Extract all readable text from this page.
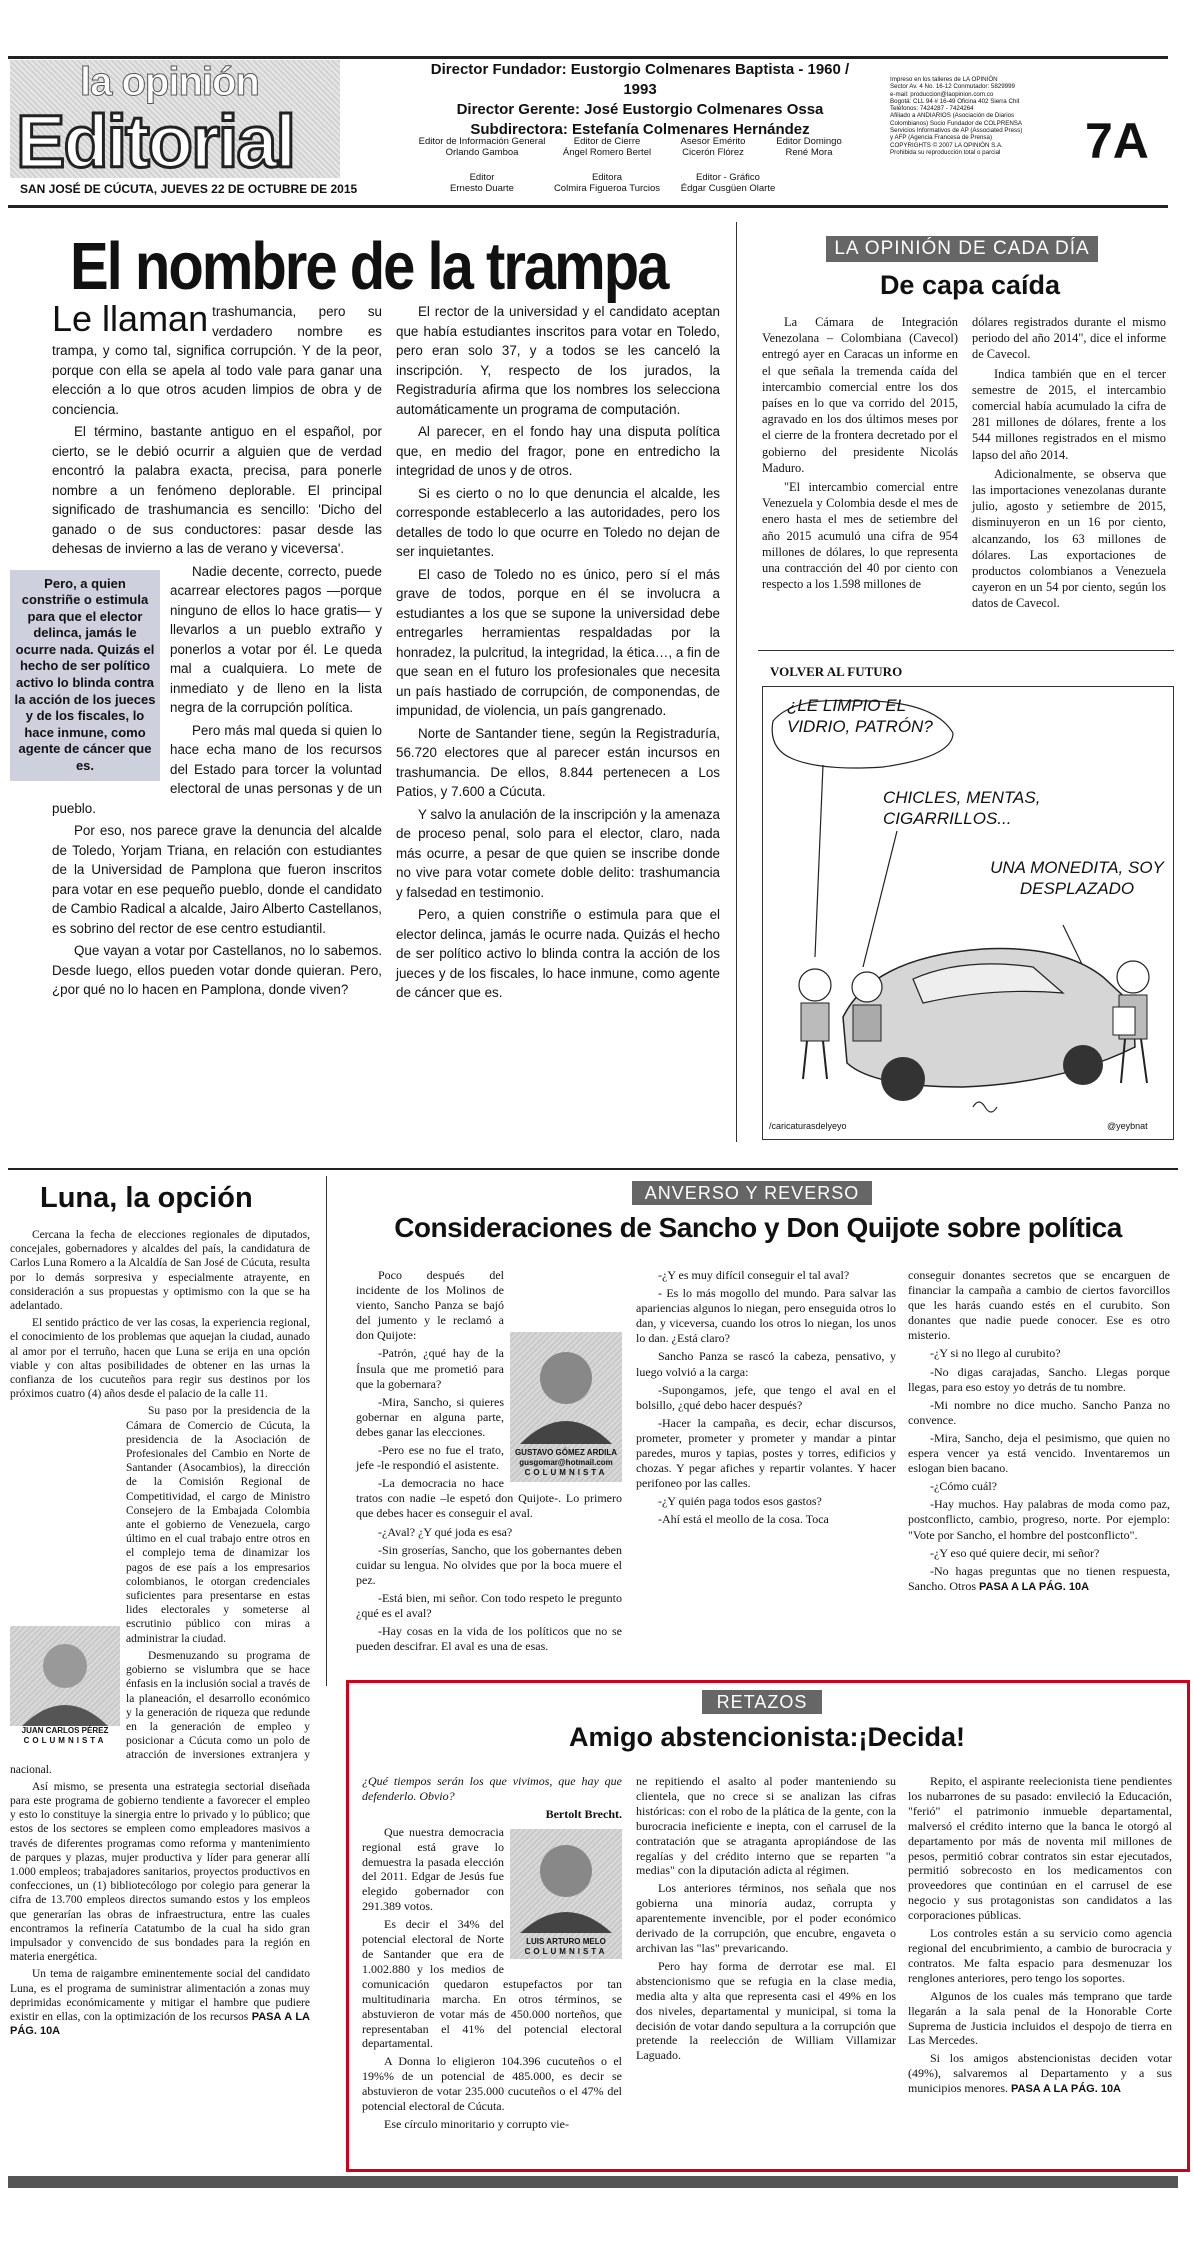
la opinión
Editorial
SAN JOSÉ DE CÚCUTA, JUEVES 22 DE OCTUBRE DE 2015
Director Fundador: Eustorgio Colmenares Baptista - 1960 / 1993
Director Gerente: José Eustorgio Colmenares Ossa
Subdirectora: Estefanía Colmenares Hernández
Editor de Información General
Orlando Gamboa
Editor de Cierre
Ángel Romero Bertel
Asesor Emérito
Cicerón Flórez
Editor Domingo
René Mora
Editor
Ernesto Duarte
Editora
Colmira Figueroa Turcios
Editor - Gráfico
Édgar Cusgüen Olarte
Impreso en los talleres de LA OPINIÓN
Sector Av. 4 No. 16-12 Conmutador: 5829999
e-mail: produccion@laopinion.com.co
Bogotá: CLL 94 # 16-49 Oficina 402 Sierra Chit
Teléfonos: 7424287 - 7424264
Afiliado a ANDIARIOS (Asociación de Diarios
Colombianos) Socio Fundador de COLPRENSA
Servicios Informativos de AP (Associated Press)
y AFP (Agencia Francesa de Prensa)
COPYRIGHTS © 2007 LA OPINIÓN S.A.
Prohibida su reproducción total o parcial	7A
El nombre de la trampa

Le llaman trashumancia, pero su verdadero nombre es trampa, y como tal, significa corrupción. Y de la peor, porque con ella se apela al todo vale para ganar una elección a lo que otros acuden limpios de obra y de conciencia.

El término, bastante antiguo en el español, por cierto, se le debió ocurrir a alguien que de verdad encontró la palabra exacta, precisa, para ponerle nombre a un fenómeno deplorable. El principal significado de trashumancia es sencillo: 'Dicho del ganado o de sus conductores: pasar desde las dehesas de invierno a las de verano y viceversa'.

Pero, a quien constriñe o estimula para que el elector delinca, jamás le ocurre nada. Quizás el hecho de ser político activo lo blinda contra la acción de los jueces y de los fiscales, lo hace inmune, como agente de cáncer que es.

Nadie decente, correcto, puede acarrear electores pagos —porque ninguno de ellos lo hace gratis— y llevarlos a un pueblo extraño y ponerlos a votar por él. Le queda mal a cualquiera. Lo mete de inmediato y de lleno en la lista negra de la corrupción política.

Pero más mal queda si quien lo hace echa mano de los recursos del Estado para torcer la voluntad electoral de unas personas y de un pueblo.

Por eso, nos parece grave la denuncia del alcalde de Toledo, Yorjam Triana, en relación con estudiantes de la Universidad de Pamplona que fueron inscritos para votar en ese pequeño pueblo, donde el candidato de Cambio Radical a alcalde, Jairo Alberto Castellanos, es sobrino del rector de ese centro estudiantil.

Que vayan a votar por Castellanos, no lo sabemos. Desde luego, ellos pueden votar donde quieran. Pero, ¿por qué no lo hacen en Pamplona, donde viven?

El rector de la universidad y el candidato aceptan que había estudiantes inscritos para votar en Toledo, pero eran solo 37, y a todos se les canceló la inscripción. Y, respecto de los jurados, la Registraduría afirma que los nombres los selecciona automáticamente un programa de computación.

Al parecer, en el fondo hay una disputa política que, en medio del fragor, pone en entredicho la integridad de unos y de otros.

Si es cierto o no lo que denuncia el alcalde, les corresponde establecerlo a las autoridades, pero los detalles de todo lo que ocurre en Toledo no dejan de ser inquietantes.

El caso de Toledo no es único, pero sí el más grave de todos, porque en él se involucra a estudiantes a los que se supone la universidad debe entregarles herramientas respaldadas por la honradez, la pulcritud, la integridad, la ética…, a fin de que sean en el futuro los profesionales que necesita un país hastiado de corrupción, de componendas, de impunidad, de violencia, un país gangrenado.

Norte de Santander tiene, según la Registraduría, 56.720 electores que al parecer están incursos en trashumancia. De ellos, 8.844 pertenecen a Los Patios, y 7.600 a Cúcuta.

Y salvo la anulación de la inscripción y la amenaza de proceso penal, solo para el elector, claro, nada más ocurre, a pesar de que quien se inscribe donde no vive para votar comete doble delito: trashumancia y falsedad en testimonio.

Pero, a quien constriñe o estimula para que el elector delinca, jamás le ocurre nada. Quizás el hecho de ser político activo lo blinda contra la acción de los jueces y de los fiscales, lo hace inmune, como agente de cáncer que es.

LA OPINIÓN DE CADA DÍA
De capa caída

La Cámara de Integración Venezolana – Colombiana (Cavecol) entregó ayer en Caracas un informe en el que señala la tremenda caída del intercambio comercial entre los dos países en lo que va corrido del 2015, agravado en los dos últimos meses por el cierre de la frontera decretado por el gobierno del presidente Nicolás Maduro.

"El intercambio comercial entre Venezuela y Colombia desde el mes de enero hasta el mes de setiembre del año 2015 acumuló una cifra de 954 millones de dólares, lo que representa una contracción del 40 por ciento con respecto a los 1.598 millones de

dólares registrados durante el mismo periodo del año 2014", dice el informe de Cavecol.

Indica también que en el tercer semestre de 2015, el intercambio comercial había acumulado la cifra de 281 millones de dólares, frente a los 544 millones registrados en el mismo lapso del año 2014.

Adicionalmente, se observa que las importaciones venezolanas durante julio, agosto y setiembre de 2015, disminuyeron en un 16 por ciento, alcanzando, los 63 millones de dólares. Las exportaciones de productos colombianos a Venezuela cayeron en un 54 por ciento, según los datos de Cavecol.

VOLVER AL FUTURO
¿LE LIMPIO EL VIDRIO, PATRÓN?
CHICLES, MENTAS, CIGARRILLOS...
UNA MONEDITA, SOY DESPLAZADO
/caricaturasdelyeyo	@yeybnat
Luna, la opción

Cercana la fecha de elecciones regionales de diputados, concejales, gobernadores y alcaldes del país, la candidatura de Carlos Luna Romero a la Alcaldía de San José de Cúcuta, resulta por lo demás sorpresiva y especialmente atrayente, en consideración a sus propuestas y optimismo con la que se ha adelantado.

El sentido práctico de ver las cosas, la experiencia regional, el conocimiento de los problemas que aquejan la ciudad, aunado al amor por el terruño, hacen que Luna se erija en una opción viable y con altas posibilidades de obtener en las urnas la confianza de los cucuteños para regir sus destinos por los próximos cuatro (4) años desde el palacio de la calle 11.

JUAN CARLOS PÉREZ
COLUMNISTA

Su paso por la presidencia de la Cámara de Comercio de Cúcuta, la presidencia de la Asociación de Profesionales del Cambio en Norte de Santander (Asocambios), la dirección de la Comisión Regional de Competitividad, el cargo de Ministro Consejero de la Embajada Colombia ante el gobierno de Venezuela, cargo último en el cual trabajo entre otros en el complejo tema de dinamizar los pagos de ese país a los empresarios colombianos, le otorgan credenciales suficientes para presentarse en estas lides electorales y someterse al escrutinio público con miras a administrar la ciudad.

Desmenuzando su programa de gobierno se vislumbra que se hace énfasis en la inclusión social a través de la planeación, el desarrollo económico y la generación de riqueza que redunde en la generación de empleo y posicionar a Cúcuta como un polo de atracción de inversiones extranjera y nacional.

Así mismo, se presenta una estrategia sectorial diseñada para este programa de gobierno tendiente a favorecer el empleo y esto lo constituye la sinergia entre lo privado y lo público; que estos de los sectores se empleen como empleadores masivos a través de diferentes programas como reforma y mantenimiento de parques y plazas, mujer productiva y líder para generar allí 1.000 empleos; trabajadores sanitarios, proyectos productivos en confecciones, un (1) bibliotecólogo por colegio para generar la cifra de 13.700 empleos directos sumando estos y los empleos que generarían las obras de infraestructura, entre las cuales encontramos la refinería Catatumbo de la cual ha sido gran impulsador y convencido de sus bondades para la región en materia energética.

Un tema de raigambre eminentemente social del candidato Luna, es el programa de suministrar alimentación a zonas muy deprimidas económicamente y mitigar el hambre que pudiere existir en ellas, con la optimización de los recursos PASA A LA PÁG. 10A

ANVERSO Y REVERSO
Consideraciones de Sancho y Don Quijote sobre política
GUSTAVO GÓMEZ ARDILA
gusgomar@hotmail.com
COLUMNISTA

Poco después del incidente de los Molinos de viento, Sancho Panza se bajó del jumento y le reclamó a don Quijote:

-Patrón, ¿qué hay de la Ínsula que me prometió para que la gobernara?

-Mira, Sancho, si quieres gobernar en alguna parte, debes ganar las elecciones.

-Pero ese no fue el trato, jefe -le respondió el asistente.

-La democracia no hace tratos con nadie –le espetó don Quijote-. Lo primero que debes hacer es conseguir el aval.

-¿Aval? ¿Y qué joda es esa?

-Sin groserías, Sancho, que los gobernantes deben cuidar su lengua. No olvides que por la boca muere el pez.

-Está bien, mi señor. Con todo respeto le pregunto ¿qué es el aval?

-Hay cosas en la vida de los políticos que no se pueden descifrar. El aval es una de esas.

-¿Y es muy difícil conseguir el tal aval?

- Es lo más mogollo del mundo. Para salvar las apariencias algunos lo niegan, pero enseguida otros lo dan, y viceversa, cuando los otros lo niegan, los unos lo dan. ¿Está claro?

Sancho Panza se rascó la cabeza, pensativo, y luego volvió a la carga:

-Supongamos, jefe, que tengo el aval en el bolsillo, ¿qué debo hacer después?

-Hacer la campaña, es decir, echar discursos, prometer, prometer y prometer y mandar a pintar paredes, muros y tapias, postes y torres, edificios y chozas. Y pegar afiches y repartir volantes. Y hacer perifoneo por las calles.

-¿Y quién paga todos esos gastos?

-Ahí está el meollo de la cosa. Toca

conseguir donantes secretos que se encarguen de financiar la campaña a cambio de ciertos favorcillos que les harás cuando estés en el curubito. Son donantes que nadie puede conocer. Ese es otro misterio.

-¿Y si no llego al curubito?

-No digas carajadas, Sancho. Llegas porque llegas, para eso estoy yo detrás de tu nombre.

-Mi nombre no dice mucho. Sancho Panza no convence.

-Mira, Sancho, deja el pesimismo, que quien no espera vencer ya está vencido. Inventaremos un eslogan bien bacano.

-¿Cómo cuál?

-Hay muchos. Hay palabras de moda como paz, postconflicto, cambio, progreso, norte. Por ejemplo: "Vote por Sancho, el hombre del postconflicto".

-¿Y eso qué quiere decir, mi señor?

-No hagas preguntas que no tienen respuesta, Sancho. Otros PASA A LA PÁG. 10A

RETAZOS
Amigo abstencionista:¡Decida!

¿Qué tiempos serán los que vivimos, que hay que defenderlo. Obvio?

Bertolt Brecht.

LUIS ARTURO MELO
COLUMNISTA

Que nuestra democracia regional está grave lo demuestra la pasada elección del 2011. Edgar de Jesús fue elegido gobernador con 291.389 votos.

Es decir el 34% del potencial electoral de Norte de Santander que era de 1.002.880 y los medios de comunicación quedaron estupefactos por tan multitudinaria marcha. En otros términos, se abstuvieron de votar más de 450.000 norteños, que representaban el 41% del potencial electoral departamental.

A Donna lo eligieron 104.396 cucuteños o el 19%% de un potencial de 485.000, es decir se abstuvieron de votar 235.000 cucuteños o el 47% del potencial electoral de Cúcuta.

Ese círculo minoritario y corrupto vie-

ne repitiendo el asalto al poder manteniendo su clientela, que no crece si se analizan las cifras históricas: con el robo de la plática de la gente, con la burocracia ineficiente e inepta, con el carrusel de la contratación que se atraganta apropiándose de las regalías y del crédito interno que se reparten "a medias" con la diputación adicta al régimen.

Los anteriores términos, nos señala que nos gobierna una minoría audaz, corrupta y aparentemente invencible, por el poder económico derivado de la corrupción, que encubre, engaveta o archivan las "las" prevaricando.

Pero hay forma de derrotar ese mal. El abstencionismo que se refugia en la clase media, media alta y alta que representa casi el 49% en los dos niveles, departamental y municipal, si toma la decisión de votar dando sepultura a la corrupción que pretende la reelección de William Villamizar Laguado.

Repito, el aspirante reelecionista tiene pendientes los nubarrones de su pasado: envileció la Educación, "ferió" el patrimonio inmueble departamental, malversó el crédito interno que la banca le otorgó al departamento por más de noventa mil millones de pesos, permitió cobrar contratos sin estar ejecutados, permitió sobrecosto en los medicamentos con proveedores que continúan en el carrusel de ese negocio y sus protagonistas son candidatos a las corporaciones públicas.

Los controles están a su servicio como agencia regional del encubrimiento, a cambio de burocracia y contratos. Me falta espacio para desmenuzar los renglones anteriores, pero tengo los soportes.

Algunos de los cuales más temprano que tarde llegarán a la sala penal de la Honorable Corte Suprema de Justicia incluidos el despojo de tierra en Las Mercedes.

Si los amigos abstencionistas deciden votar (49%), salvaremos al Departamento y a sus municipios menores. PASA A LA PÁG. 10A
